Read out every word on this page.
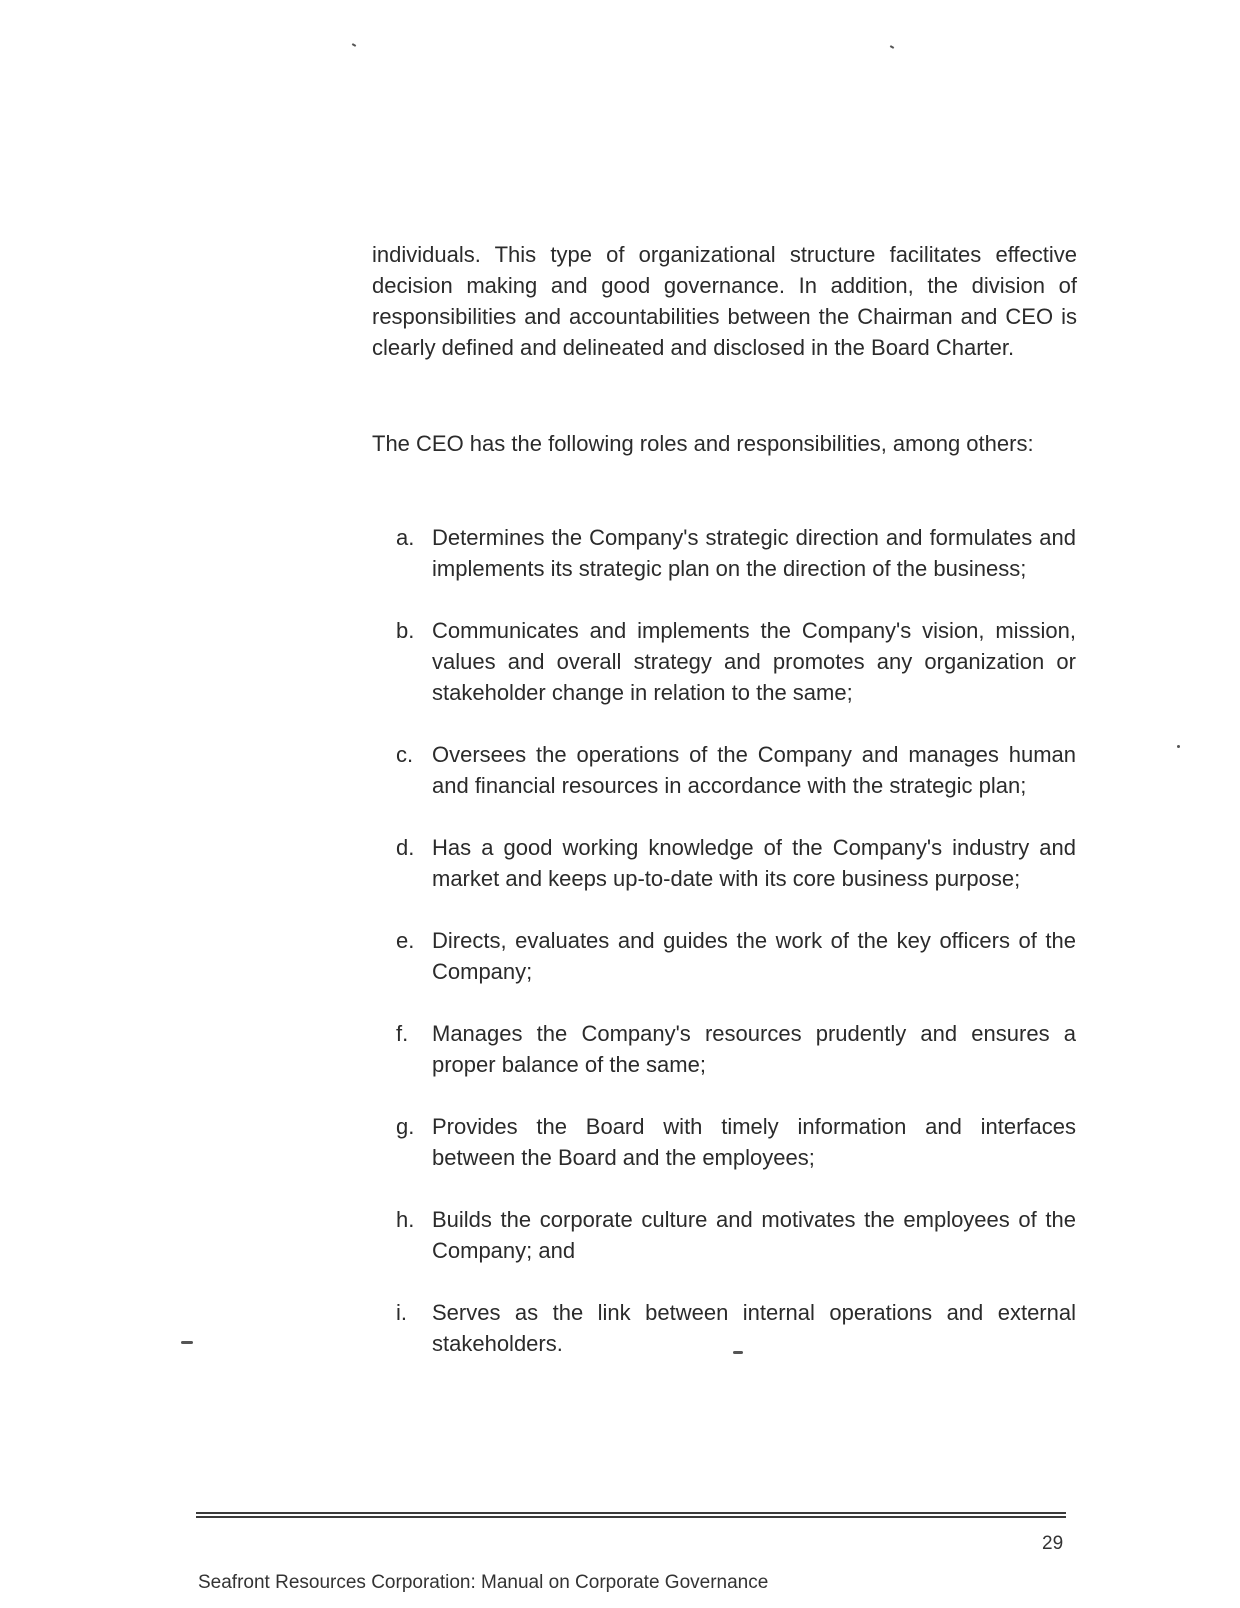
individuals. This type of organizational structure facilitates effective decision making and good governance. In addition, the division of responsibilities and accountabilities between the Chairman and CEO is clearly defined and delineated and disclosed in the Board Charter.

The CEO has the following roles and responsibilities, among others:

a. Determines the Company's strategic direction and formulates and implements its strategic plan on the direction of the business;
b. Communicates and implements the Company's vision, mission, values and overall strategy and promotes any organization or stakeholder change in relation to the same;
c. Oversees the operations of the Company and manages human and financial resources in accordance with the strategic plan;
d. Has a good working knowledge of the Company's industry and market and keeps up-to-date with its core business purpose;
e. Directs, evaluates and guides the work of the key officers of the Company;
f.	Manages the Company's resources prudently and ensures a proper balance of the same;
g. Provides the Board with timely information and interfaces between the Board and the employees;
h. Builds the corporate culture and motivates the employees of the Company; and
i.	Serves as the link between internal operations and external stakeholders.
29
Seafront Resources Corporation: Manual on Corporate Governance
